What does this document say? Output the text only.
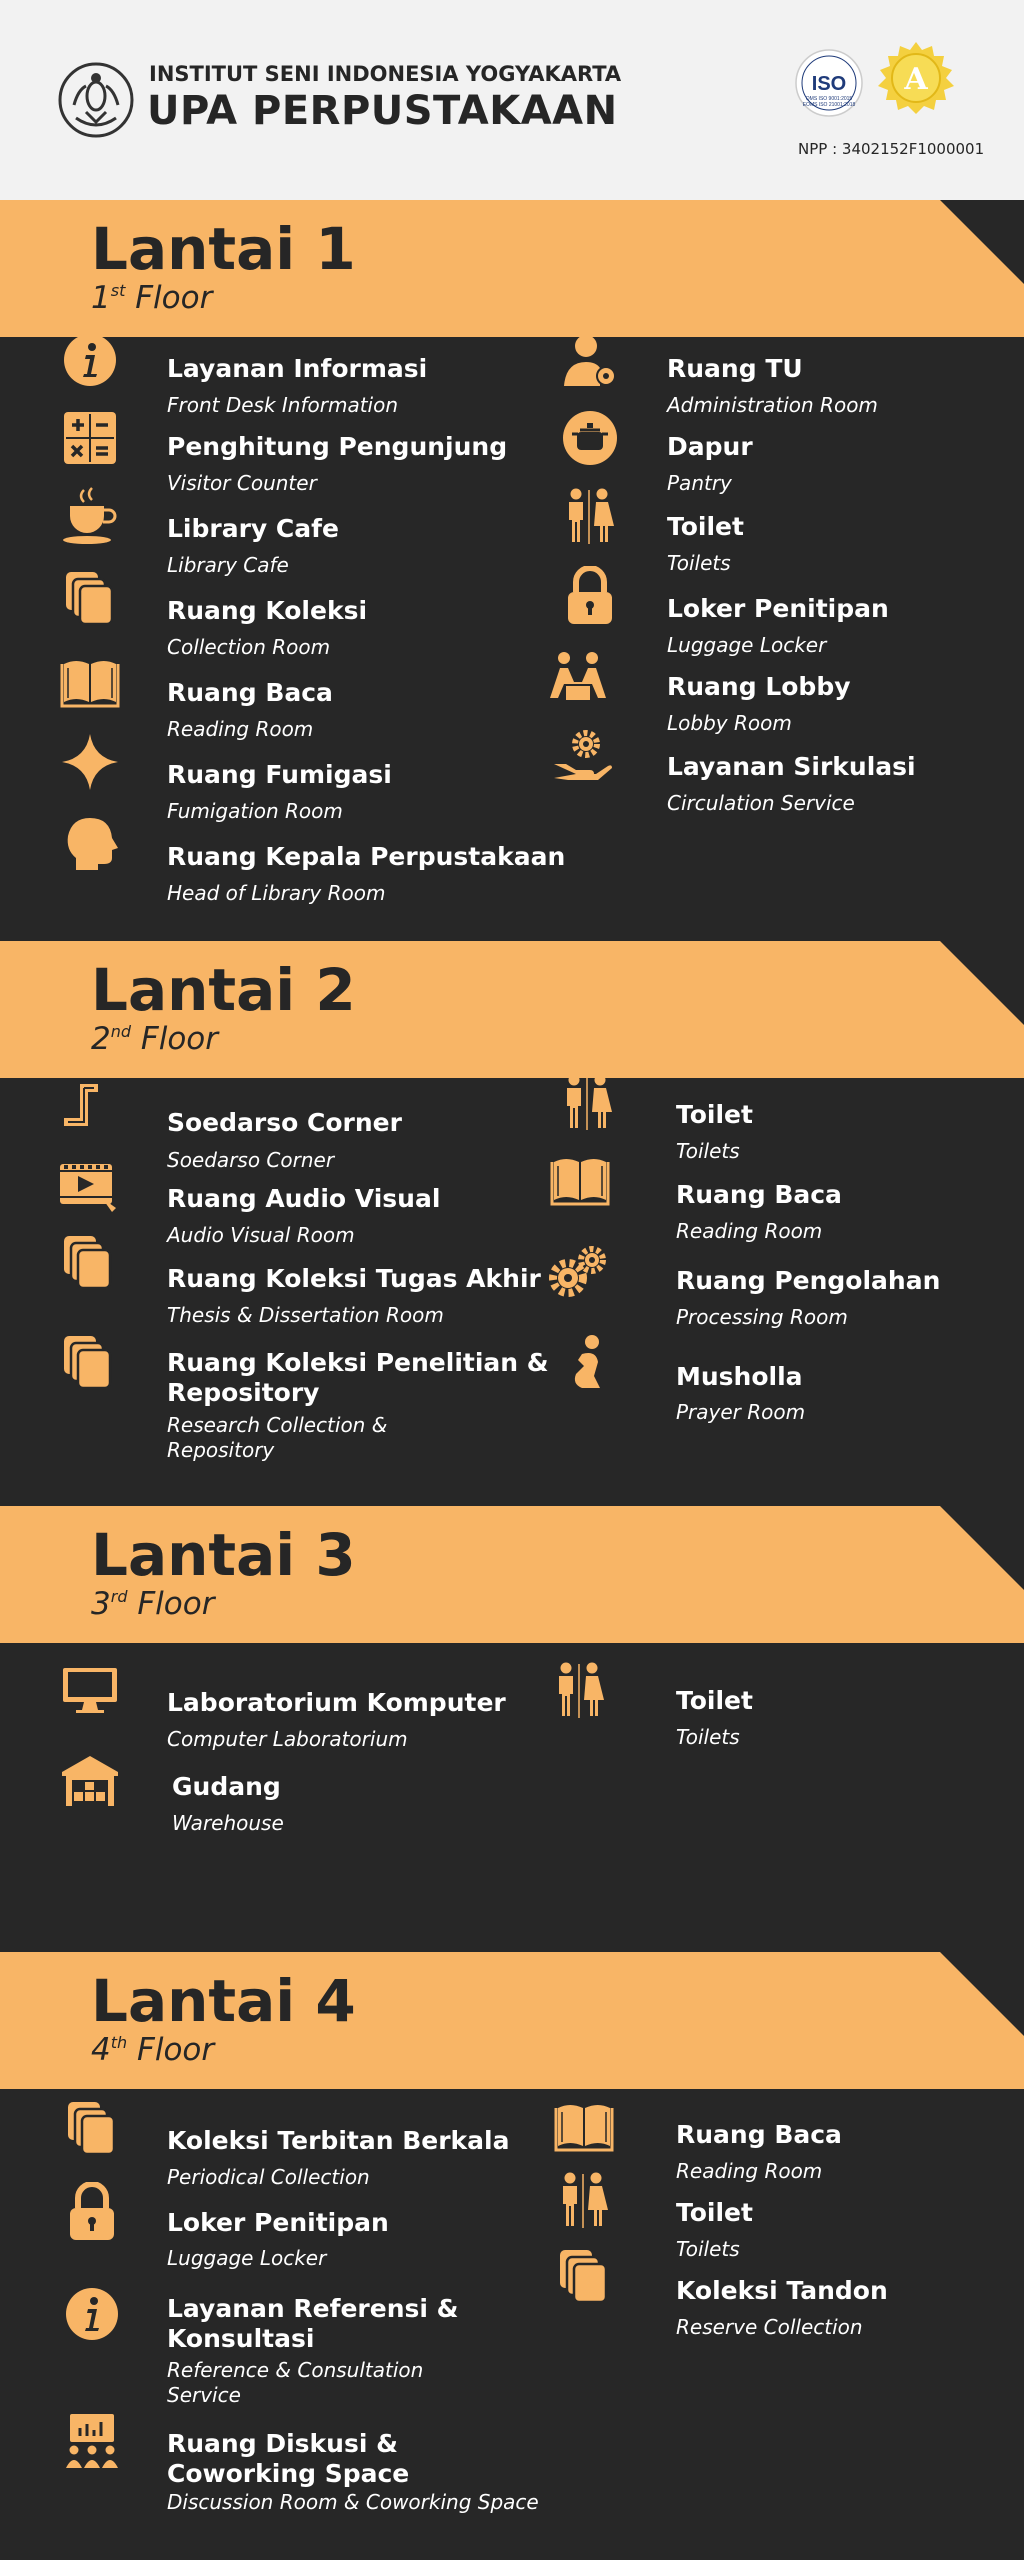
INSTITUT SENI INDONESIA YOGYAKARTA
UPA PERPUSTAKAAN
ISO
QMS ISO 9001:2015
EOMS ISO 21001:2018
A
NPP : 3402152F1000001
Lantai 1
1st Floor
Layanan Informasi
Front Desk Information
Penghitung Pengunjung
Visitor Counter
Library Cafe
Library Cafe
Ruang Koleksi
Collection Room
Ruang Baca
Reading Room
Ruang Fumigasi
Fumigation Room
Ruang Kepala Perpustakaan
Head of Library Room
Ruang TU
Administration Room
Dapur
Pantry
Toilet
Toilets
Loker Penitipan
Luggage Locker
Ruang Lobby
Lobby Room
Layanan Sirkulasi
Circulation Service
Lantai 2
2nd Floor
Soedarso Corner
Soedarso Corner
Ruang Audio Visual
Audio Visual Room
Ruang Koleksi Tugas Akhir
Thesis & Dissertation Room
Ruang Koleksi Penelitian &
Repository
Research Collection &
Repository
Toilet
Toilets
Ruang Baca
Reading Room
Ruang Pengolahan
Processing Room
Musholla
Prayer Room
Lantai 3
3rd Floor
Laboratorium Komputer
Computer Laboratorium
Gudang
Warehouse
Toilet
Toilets
Lantai 4
4th Floor
Koleksi Terbitan Berkala
Periodical Collection
Loker Penitipan
Luggage Locker
Layanan Referensi &
Konsultasi
Reference & Consultation
Service
Ruang Diskusi &
Coworking Space
Discussion Room & Coworking Space
Ruang Baca
Reading Room
Toilet
Toilets
Koleksi Tandon
Reserve Collection
